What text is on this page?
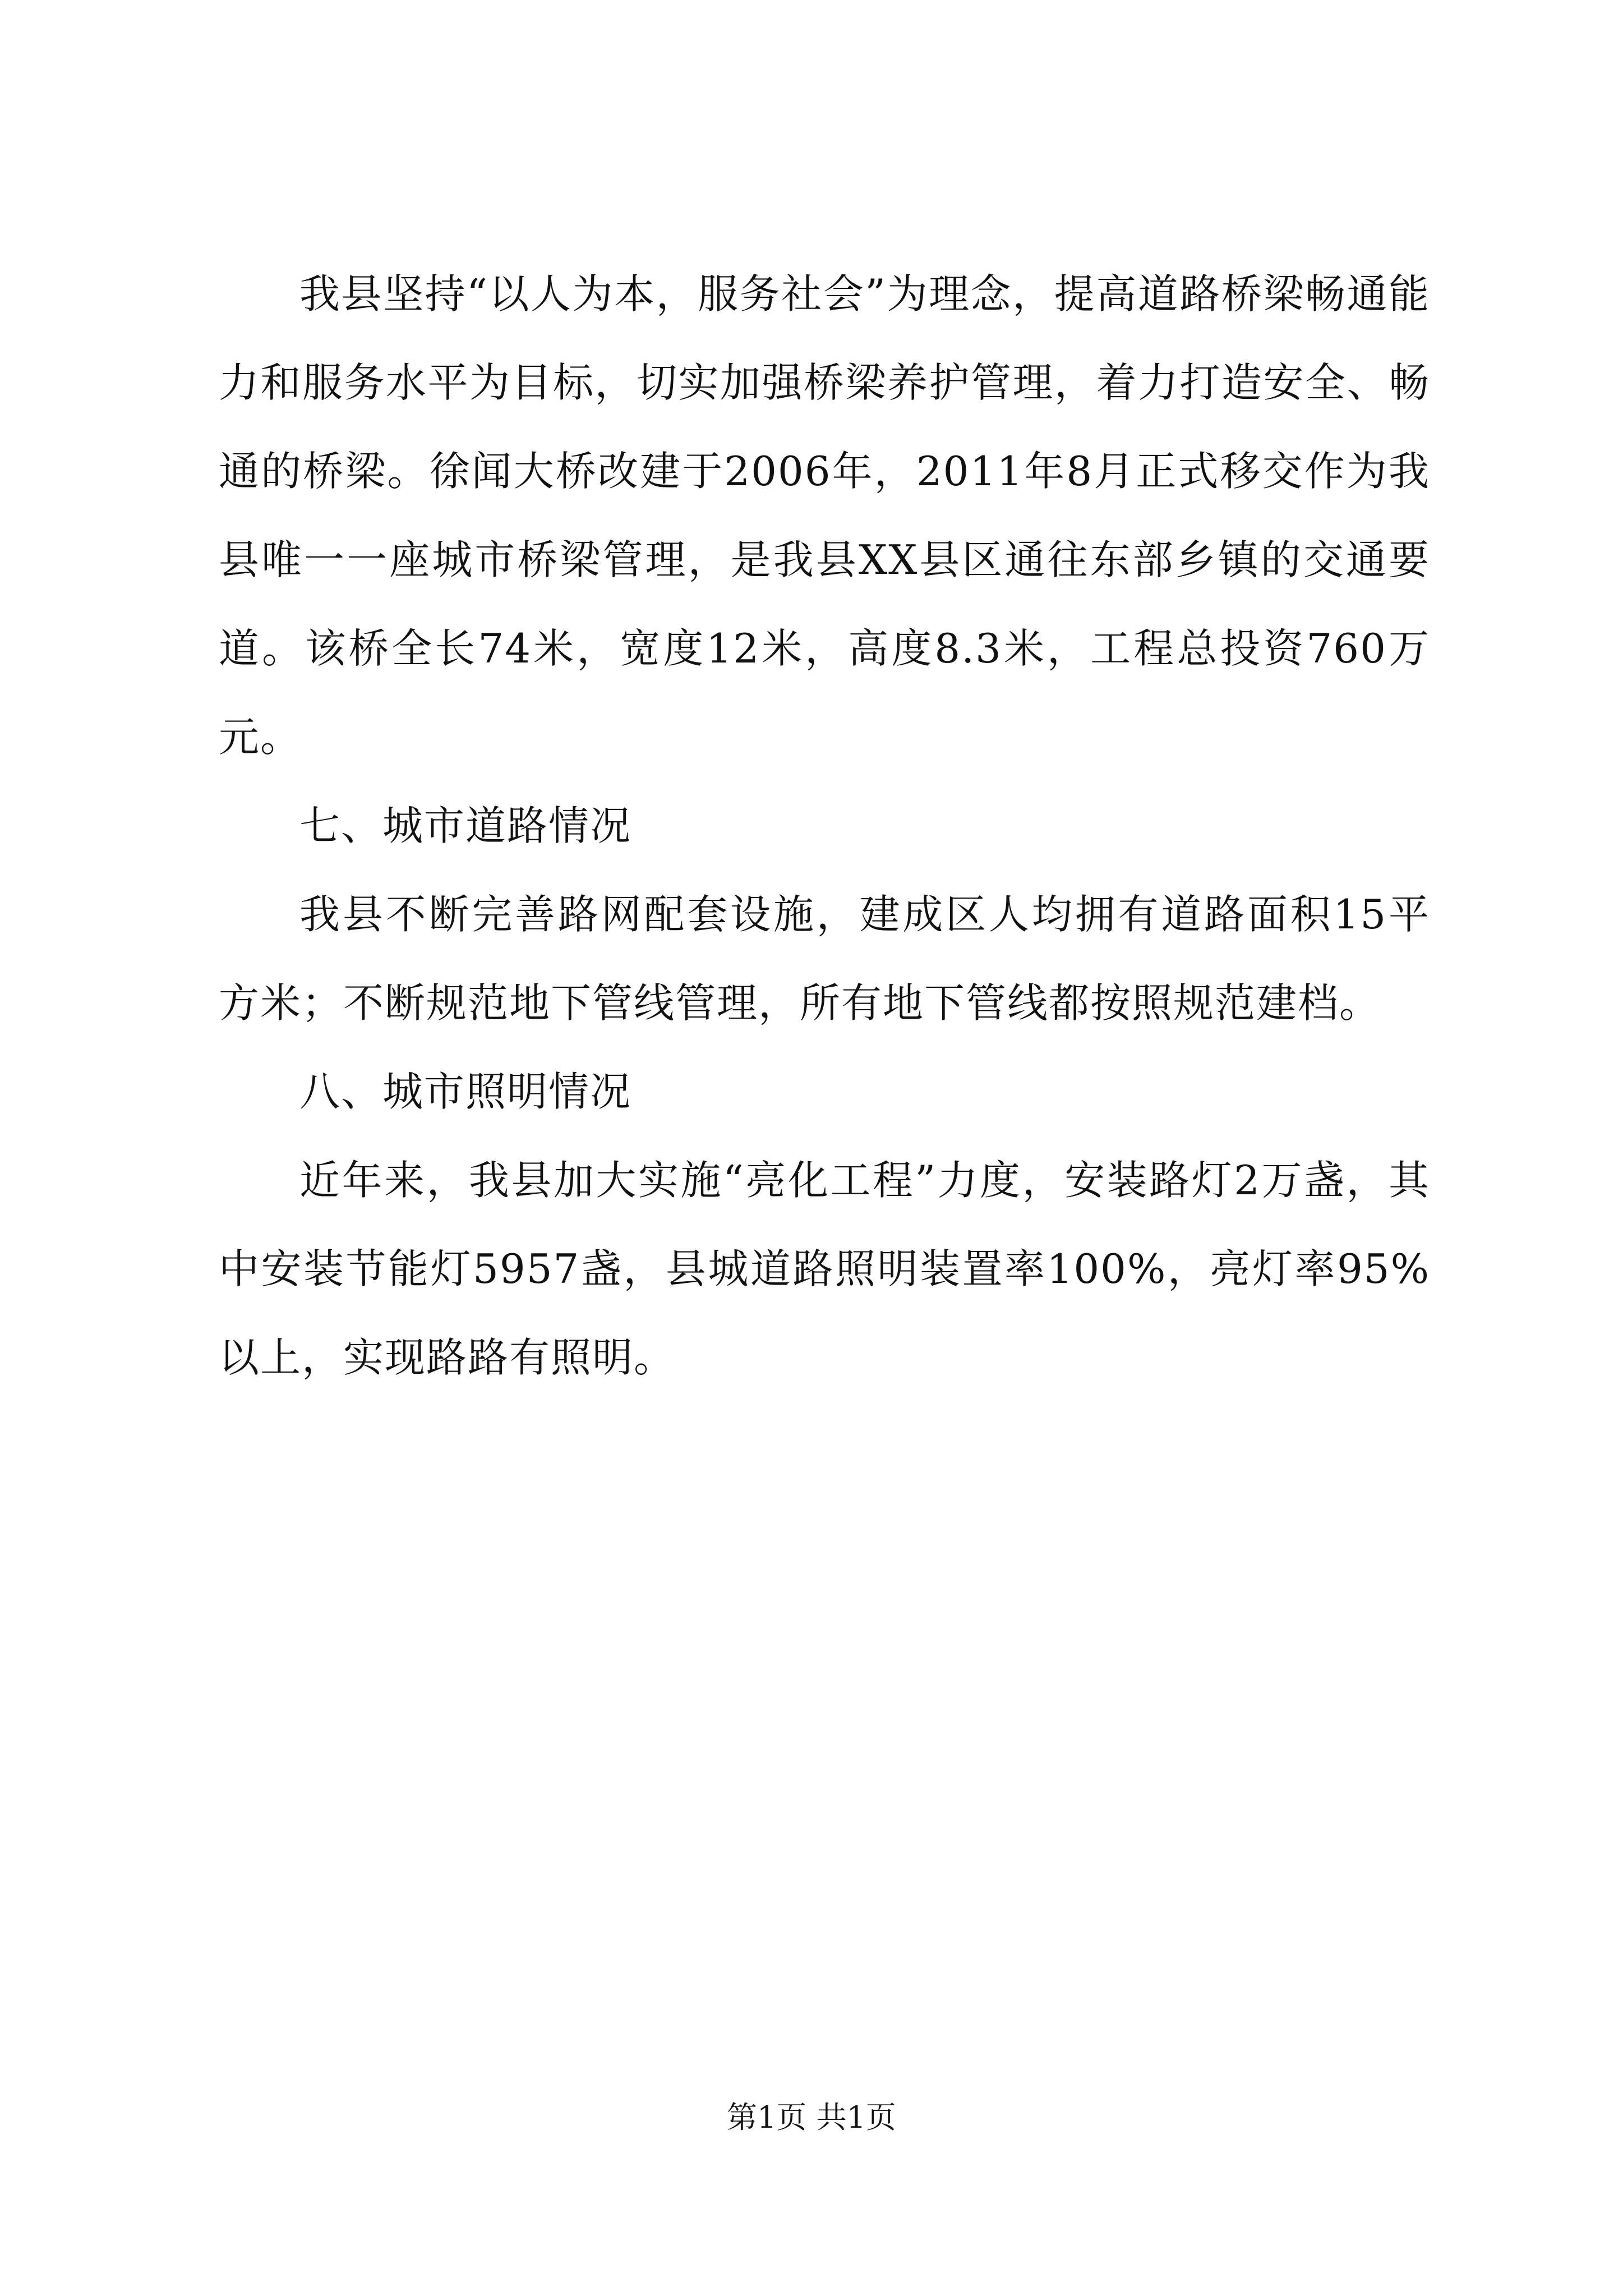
我县坚持“以人为本，服务社会”为理念，提高道路桥梁畅通能力和服务水平为目标，切实加强桥梁养护管理，着力打造安全、畅通的桥梁。徐闻大桥改建于2006年，2011年8月正式移交作为我县唯一一座城市桥梁管理，是我县XX县区通往东部乡镇的交通要道。该桥全长74米，宽度12米，高度8.3米，工程总投资760万元。

七、城市道路情况

我县不断完善路网配套设施，建成区人均拥有道路面积15平方米；不断规范地下管线管理，所有地下管线都按照规范建档。

八、城市照明情况

近年来，我县加大实施“亮化工程”力度，安装路灯2万盏，其中安装节能灯5957盏，县城道路照明装置率100%，亮灯率95%以上，实现路路有照明。

第1页 共1页
